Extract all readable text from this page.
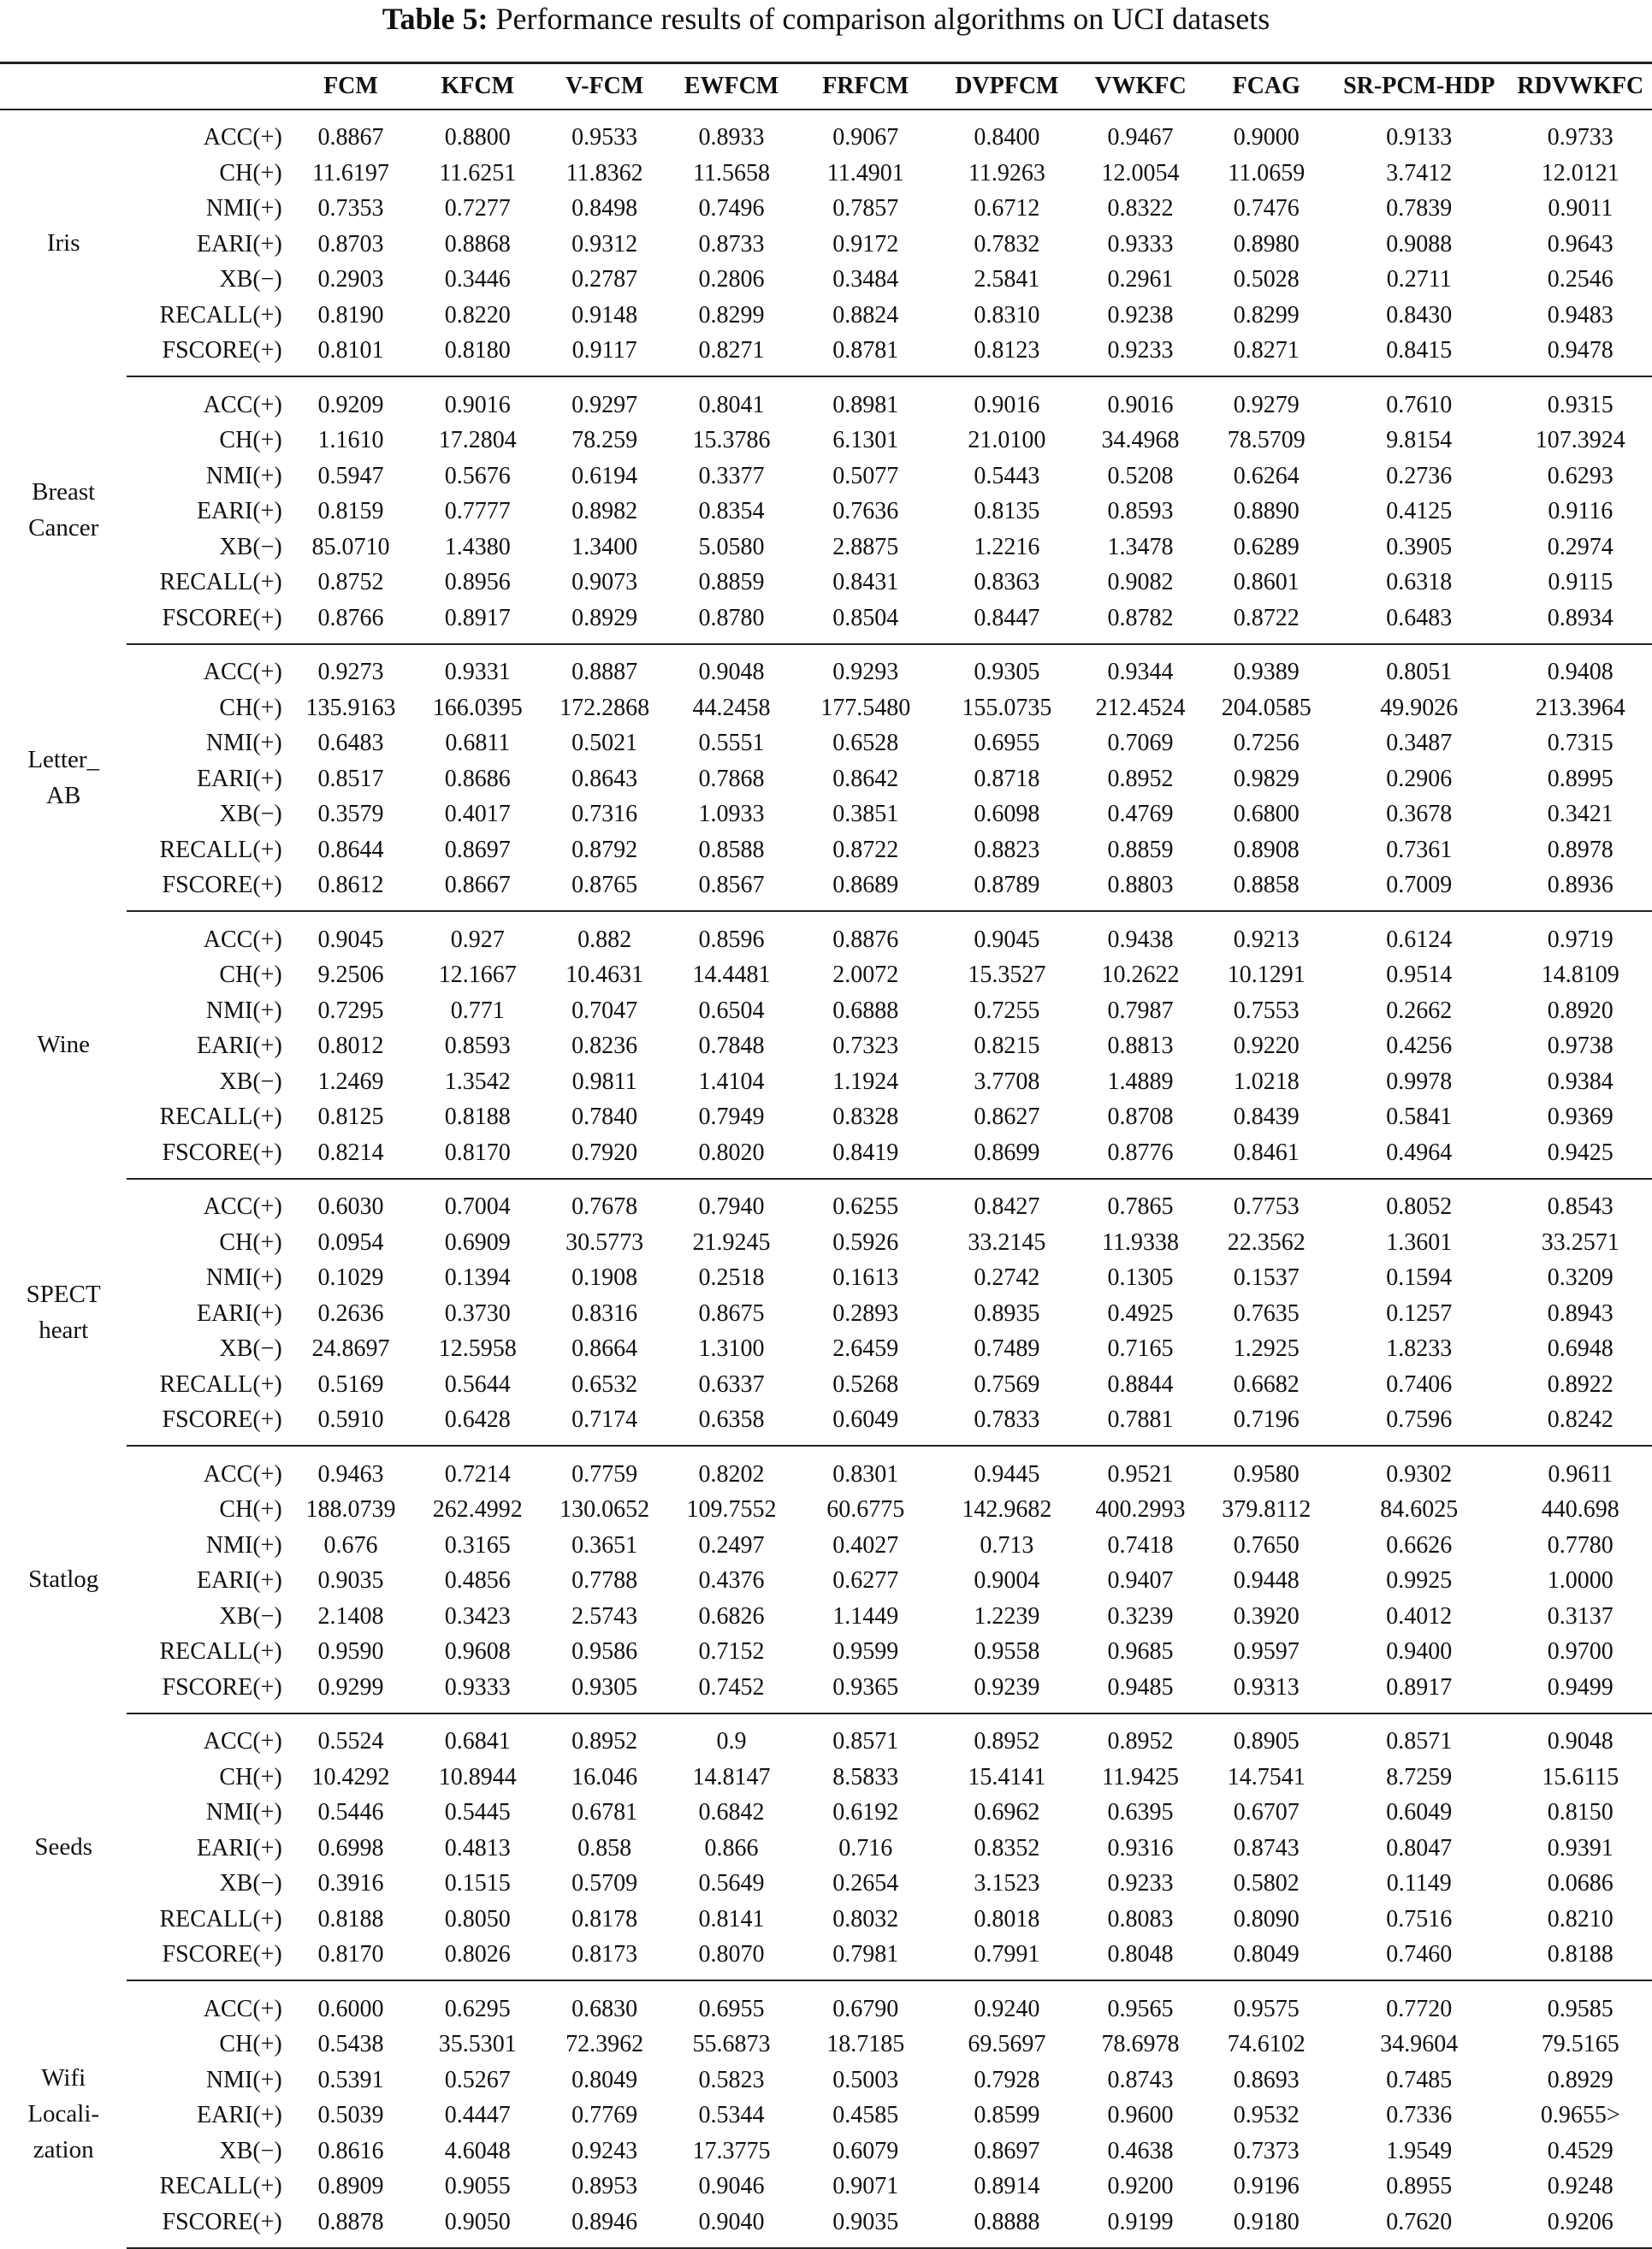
Table 5: Performance results of comparison algorithms on UCI datasets
		FCM	KFCM	V-FCM	EWFCM	FRFCM	DVPFCM	VWKFC	FCAG	SR-PCM-HDP	RDVWKFC

Iris	ACC(+)	0.8867	0.8800	0.9533	0.8933	0.9067	0.8400	0.9467	0.9000	0.9133	0.9733
	CH(+)	11.6197	11.6251	11.8362	11.5658	11.4901	11.9263	12.0054	11.0659	3.7412	12.0121
	NMI(+)	0.7353	0.7277	0.8498	0.7496	0.7857	0.6712	0.8322	0.7476	0.7839	0.9011
	EARI(+)	0.8703	0.8868	0.9312	0.8733	0.9172	0.7832	0.9333	0.8980	0.9088	0.9643
	XB(−)	0.2903	0.3446	0.2787	0.2806	0.3484	2.5841	0.2961	0.5028	0.2711	0.2546
	RECALL(+)	0.8190	0.8220	0.9148	0.8299	0.8824	0.8310	0.9238	0.8299	0.8430	0.9483
	FSCORE(+)	0.8101	0.8180	0.9117	0.8271	0.8781	0.8123	0.9233	0.8271	0.8415	0.9478

Breast
Cancer	ACC(+)	0.9209	0.9016	0.9297	0.8041	0.8981	0.9016	0.9016	0.9279	0.7610	0.9315
	CH(+)	1.1610	17.2804	78.259	15.3786	6.1301	21.0100	34.4968	78.5709	9.8154	107.3924
	NMI(+)	0.5947	0.5676	0.6194	0.3377	0.5077	0.5443	0.5208	0.6264	0.2736	0.6293
	EARI(+)	0.8159	0.7777	0.8982	0.8354	0.7636	0.8135	0.8593	0.8890	0.4125	0.9116
	XB(−)	85.0710	1.4380	1.3400	5.0580	2.8875	1.2216	1.3478	0.6289	0.3905	0.2974
	RECALL(+)	0.8752	0.8956	0.9073	0.8859	0.8431	0.8363	0.9082	0.8601	0.6318	0.9115
	FSCORE(+)	0.8766	0.8917	0.8929	0.8780	0.8504	0.8447	0.8782	0.8722	0.6483	0.8934

Letter_
AB	ACC(+)	0.9273	0.9331	0.8887	0.9048	0.9293	0.9305	0.9344	0.9389	0.8051	0.9408
	CH(+)	135.9163	166.0395	172.2868	44.2458	177.5480	155.0735	212.4524	204.0585	49.9026	213.3964
	NMI(+)	0.6483	0.6811	0.5021	0.5551	0.6528	0.6955	0.7069	0.7256	0.3487	0.7315
	EARI(+)	0.8517	0.8686	0.8643	0.7868	0.8642	0.8718	0.8952	0.9829	0.2906	0.8995
	XB(−)	0.3579	0.4017	0.7316	1.0933	0.3851	0.6098	0.4769	0.6800	0.3678	0.3421
	RECALL(+)	0.8644	0.8697	0.8792	0.8588	0.8722	0.8823	0.8859	0.8908	0.7361	0.8978
	FSCORE(+)	0.8612	0.8667	0.8765	0.8567	0.8689	0.8789	0.8803	0.8858	0.7009	0.8936

Wine	ACC(+)	0.9045	0.927	0.882	0.8596	0.8876	0.9045	0.9438	0.9213	0.6124	0.9719
	CH(+)	9.2506	12.1667	10.4631	14.4481	2.0072	15.3527	10.2622	10.1291	0.9514	14.8109
	NMI(+)	0.7295	0.771	0.7047	0.6504	0.6888	0.7255	0.7987	0.7553	0.2662	0.8920
	EARI(+)	0.8012	0.8593	0.8236	0.7848	0.7323	0.8215	0.8813	0.9220	0.4256	0.9738
	XB(−)	1.2469	1.3542	0.9811	1.4104	1.1924	3.7708	1.4889	1.0218	0.9978	0.9384
	RECALL(+)	0.8125	0.8188	0.7840	0.7949	0.8328	0.8627	0.8708	0.8439	0.5841	0.9369
	FSCORE(+)	0.8214	0.8170	0.7920	0.8020	0.8419	0.8699	0.8776	0.8461	0.4964	0.9425

SPECT
heart	ACC(+)	0.6030	0.7004	0.7678	0.7940	0.6255	0.8427	0.7865	0.7753	0.8052	0.8543
	CH(+)	0.0954	0.6909	30.5773	21.9245	0.5926	33.2145	11.9338	22.3562	1.3601	33.2571
	NMI(+)	0.1029	0.1394	0.1908	0.2518	0.1613	0.2742	0.1305	0.1537	0.1594	0.3209
	EARI(+)	0.2636	0.3730	0.8316	0.8675	0.2893	0.8935	0.4925	0.7635	0.1257	0.8943
	XB(−)	24.8697	12.5958	0.8664	1.3100	2.6459	0.7489	0.7165	1.2925	1.8233	0.6948
	RECALL(+)	0.5169	0.5644	0.6532	0.6337	0.5268	0.7569	0.8844	0.6682	0.7406	0.8922
	FSCORE(+)	0.5910	0.6428	0.7174	0.6358	0.6049	0.7833	0.7881	0.7196	0.7596	0.8242

Statlog	ACC(+)	0.9463	0.7214	0.7759	0.8202	0.8301	0.9445	0.9521	0.9580	0.9302	0.9611
	CH(+)	188.0739	262.4992	130.0652	109.7552	60.6775	142.9682	400.2993	379.8112	84.6025	440.698
	NMI(+)	0.676	0.3165	0.3651	0.2497	0.4027	0.713	0.7418	0.7650	0.6626	0.7780
	EARI(+)	0.9035	0.4856	0.7788	0.4376	0.6277	0.9004	0.9407	0.9448	0.9925	1.0000
	XB(−)	2.1408	0.3423	2.5743	0.6826	1.1449	1.2239	0.3239	0.3920	0.4012	0.3137
	RECALL(+)	0.9590	0.9608	0.9586	0.7152	0.9599	0.9558	0.9685	0.9597	0.9400	0.9700
	FSCORE(+)	0.9299	0.9333	0.9305	0.7452	0.9365	0.9239	0.9485	0.9313	0.8917	0.9499

Seeds	ACC(+)	0.5524	0.6841	0.8952	0.9	0.8571	0.8952	0.8952	0.8905	0.8571	0.9048
	CH(+)	10.4292	10.8944	16.046	14.8147	8.5833	15.4141	11.9425	14.7541	8.7259	15.6115
	NMI(+)	0.5446	0.5445	0.6781	0.6842	0.6192	0.6962	0.6395	0.6707	0.6049	0.8150
	EARI(+)	0.6998	0.4813	0.858	0.866	0.716	0.8352	0.9316	0.8743	0.8047	0.9391
	XB(−)	0.3916	0.1515	0.5709	0.5649	0.2654	3.1523	0.9233	0.5802	0.1149	0.0686
	RECALL(+)	0.8188	0.8050	0.8178	0.8141	0.8032	0.8018	0.8083	0.8090	0.7516	0.8210
	FSCORE(+)	0.8170	0.8026	0.8173	0.8070	0.7981	0.7991	0.8048	0.8049	0.7460	0.8188

Wifi
Locali-
zation	ACC(+)	0.6000	0.6295	0.6830	0.6955	0.6790	0.9240	0.9565	0.9575	0.7720	0.9585
	CH(+)	0.5438	35.5301	72.3962	55.6873	18.7185	69.5697	78.6978	74.6102	34.9604	79.5165
	NMI(+)	0.5391	0.5267	0.8049	0.5823	0.5003	0.7928	0.8743	0.8693	0.7485	0.8929
	EARI(+)	0.5039	0.4447	0.7769	0.5344	0.4585	0.8599	0.9600	0.9532	0.7336	0.9655>
	XB(−)	0.8616	4.6048	0.9243	17.3775	0.6079	0.8697	0.4638	0.7373	1.9549	0.4529
	RECALL(+)	0.8909	0.9055	0.8953	0.9046	0.9071	0.8914	0.9200	0.9196	0.8955	0.9248
	FSCORE(+)	0.8878	0.9050	0.8946	0.9040	0.9035	0.8888	0.9199	0.9180	0.7620	0.9206
